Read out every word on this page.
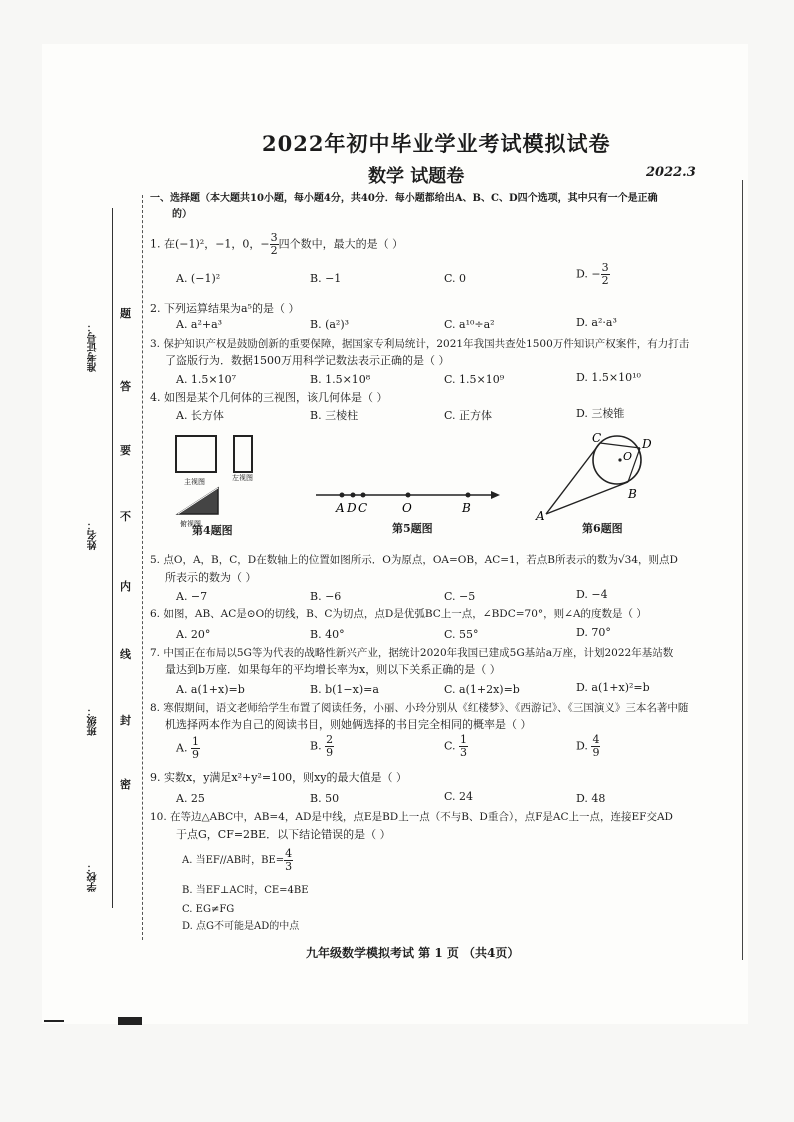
2022年初中毕业学业考试模拟试卷
数学 试题卷	2022.3
准考证号：
姓名：
班级：
学校：
题
答
要
不
内
线
封
密
一、选择题（本大题共10小题，每小题4分，共40分．每小题都给出A、B、C、D四个选项，其中只有一个是正确
的）
1. 在(−1)²，−1，0，− $\frac{3}{2}$ 四个数中，最大的是（ ）
A. (−1)²	B. −1	C. 0	D. − $\frac{3}{2}$
2. 下列运算结果为a⁵的是（ ）
A. a²+a³	B. (a²)³	C. a¹⁰÷a²	D. a²·a³
3. 保护知识产权是鼓励创新的重要保障，据国家专利局统计，2021年我国共查处1500万件知识产权案件，有力打击
了盗版行为．数据1500万用科学记数法表示正确的是（ ）
A. 1.5×10⁷	B. 1.5×10⁸	C. 1.5×10⁹	D. 1.5×10¹⁰
4. 如图是某个几何体的三视图，该几何体是（ ）
A. 长方体	B. 三棱柱	C. 正方体	D. 三棱锥
主视图	左视图
俯视图
A D C	O	B
C	D
O
B
A
第4题图	第5题图	第6题图
5. 点O，A，B，C，D在数轴上的位置如图所示．O为原点，OA=OB，AC=1，若点B所表示的数为√34，则点D
所表示的数为（ ）
A. −7	B. −6	C. −5	D. −4
6. 如图，AB、AC是⊙O的切线，B、C为切点，点D是优弧BC上一点，∠BDC=70°，则∠A的度数是（ ）
A. 20°	B. 40°	C. 55°	D. 70°
7. 中国正在布局以5G等为代表的战略性新兴产业，据统计2020年我国已建成5G基站a万座，计划2022年基站数
量达到b万座．如果每年的平均增长率为x，则以下关系正确的是（ ）
A. a(1+x)=b	B. b(1−x)=a	C. a(1+2x)=b	D. a(1+x)²=b
8. 寒假期间，语文老师给学生布置了阅读任务，小丽、小玲分别从《红楼梦》、《西游记》、《三国演义》三本名著中随
机选择两本作为自己的阅读书目，则她俩选择的书目完全相同的概率是（ ）
A. $\frac{1}{9}$	B. $\frac{2}{9}$	C. $\frac{1}{3}$	D. $\frac{4}{9}$
9. 实数x，y满足x²+y²=100，则xy的最大值是（ ）
A. 25	B. 50	C. 24	D. 48
10. 在等边△ABC中，AB=4，AD是中线，点E是BD上一点（不与B、D重合），点F是AC上一点，连接EF交AD
于点G，CF=2BE．以下结论错误的是（ ）
A. 当EF//AB时，$BE= \frac{4}{3}$
B. 当EF⊥AC时，CE=4BE
C. EG≠FG
D. 点G不可能是AD的中点
九年级数学模拟考试 第 1 页 （共4页）
